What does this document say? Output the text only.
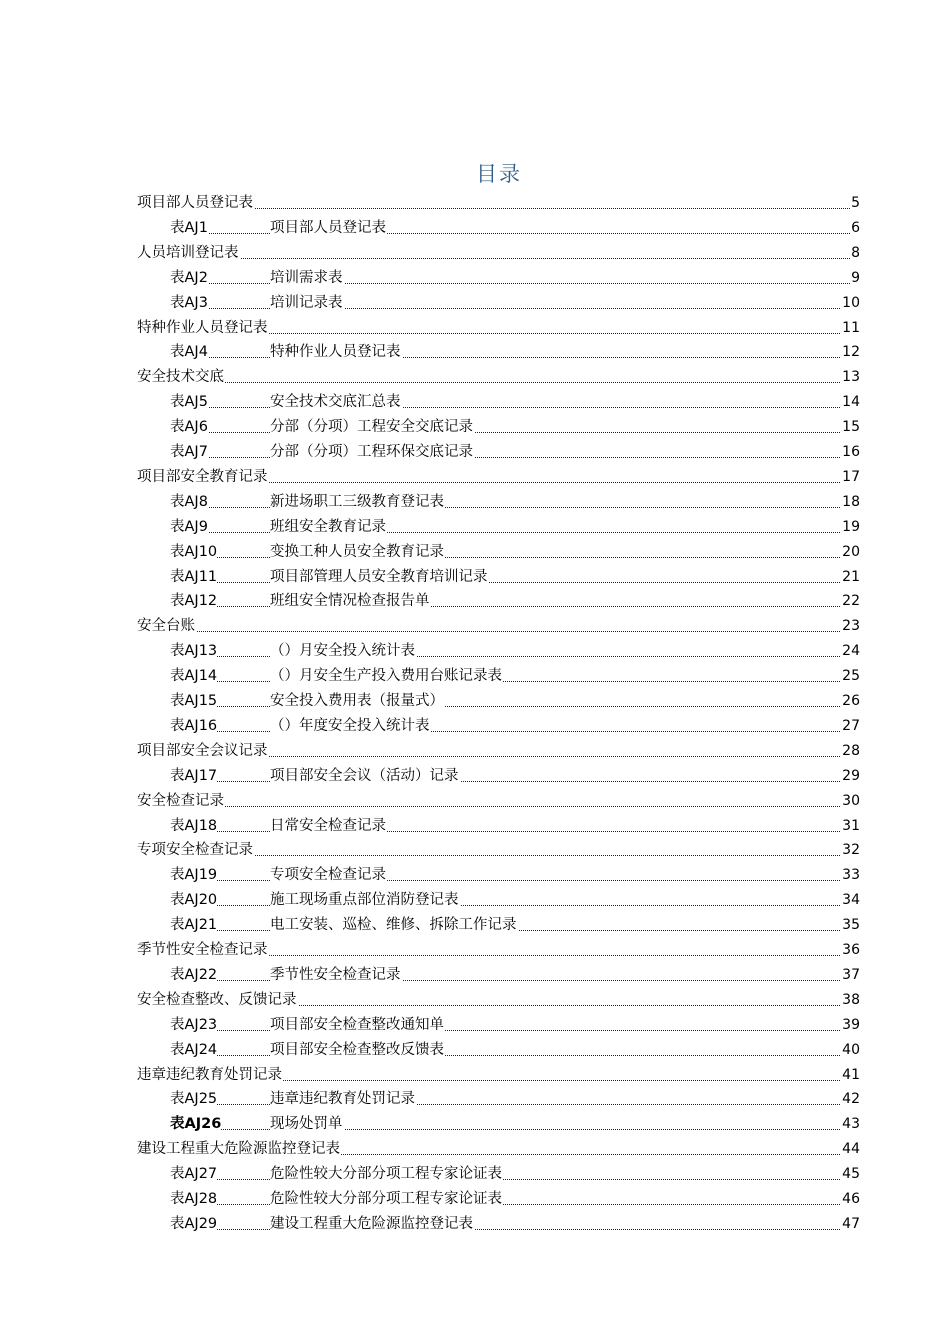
目录
项目部人员登记表	5
表AJ1	项目部人员登记表	6
人员培训登记表	8
表AJ2	培训需求表	9
表AJ3	培训记录表	10
特种作业人员登记表	11
表AJ4	特种作业人员登记表	12
安全技术交底	13
表AJ5	安全技术交底汇总表	14
表AJ6	分部（分项）工程安全交底记录	15
表AJ7	分部（分项）工程环保交底记录	16
项目部安全教育记录	17
表AJ8	新进场职工三级教育登记表	18
表AJ9	班组安全教育记录	19
表AJ10	变换工种人员安全教育记录	20
表AJ11	项目部管理人员安全教育培训记录	21
表AJ12	班组安全情况检查报告单	22
安全台账	23
表AJ13	（）月安全投入统计表	24
表AJ14	（）月安全生产投入费用台账记录表	25
表AJ15	安全投入费用表（报量式）	26
表AJ16	（）年度安全投入统计表	27
项目部安全会议记录	28
表AJ17	项目部安全会议（活动）记录	29
安全检查记录	30
表AJ18	日常安全检查记录	31
专项安全检查记录	32
表AJ19	专项安全检查记录	33
表AJ20	施工现场重点部位消防登记表	34
表AJ21	电工安装、巡检、维修、拆除工作记录	35
季节性安全检查记录	36
表AJ22	季节性安全检查记录	37
安全检查整改、反馈记录	38
表AJ23	项目部安全检查整改通知单	39
表AJ24	项目部安全检查整改反馈表	40
违章违纪教育处罚记录	41
表AJ25	违章违纪教育处罚记录	42
表AJ26	现场处罚单	43
建设工程重大危险源监控登记表	44
表AJ27	危险性较大分部分项工程专家论证表	45
表AJ28	危险性较大分部分项工程专家论证表	46
表AJ29	建设工程重大危险源监控登记表	47
